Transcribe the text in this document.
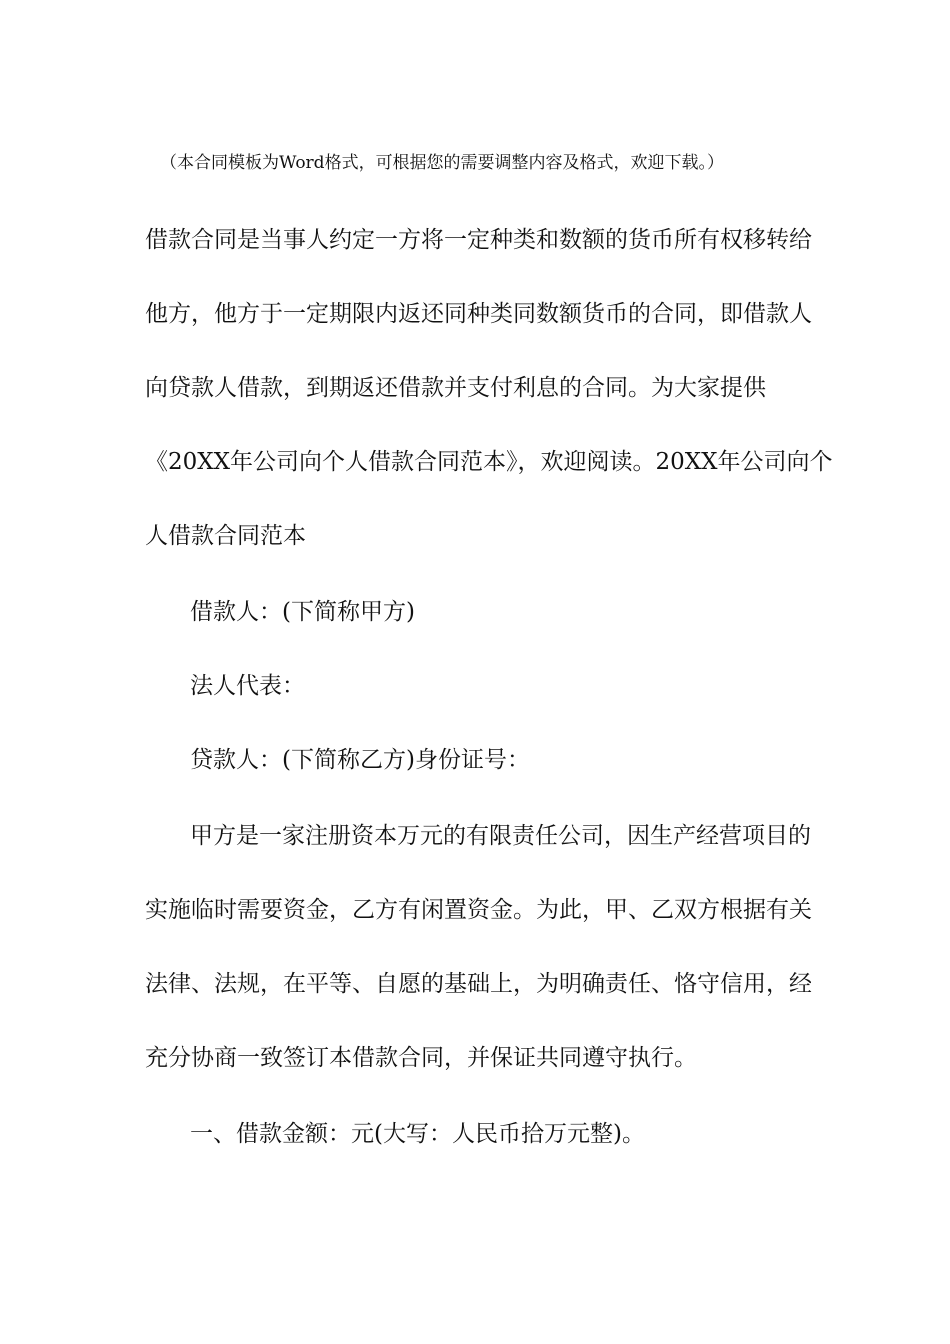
（本合同模板为Word格式，可根据您的需要调整内容及格式，欢迎下载。）
借款合同是当事人约定一方将一定种类和数额的货币所有权移转给
他方，他方于一定期限内返还同种类同数额货币的合同，即借款人
向贷款人借款，到期返还借款并支付利息的合同。为大家提供
《20XX年公司向个人借款合同范本》，欢迎阅读。20XX年公司向个
人借款合同范本
借款人：(下简称甲方)
法人代表：
贷款人：(下简称乙方)身份证号：
甲方是一家注册资本万元的有限责任公司，因生产经营项目的
实施临时需要资金，乙方有闲置资金。为此，甲、乙双方根据有关
法律、法规，在平等、自愿的基础上，为明确责任、恪守信用，经
充分协商一致签订本借款合同，并保证共同遵守执行。
一、借款金额：元(大写：人民币拾万元整)。
